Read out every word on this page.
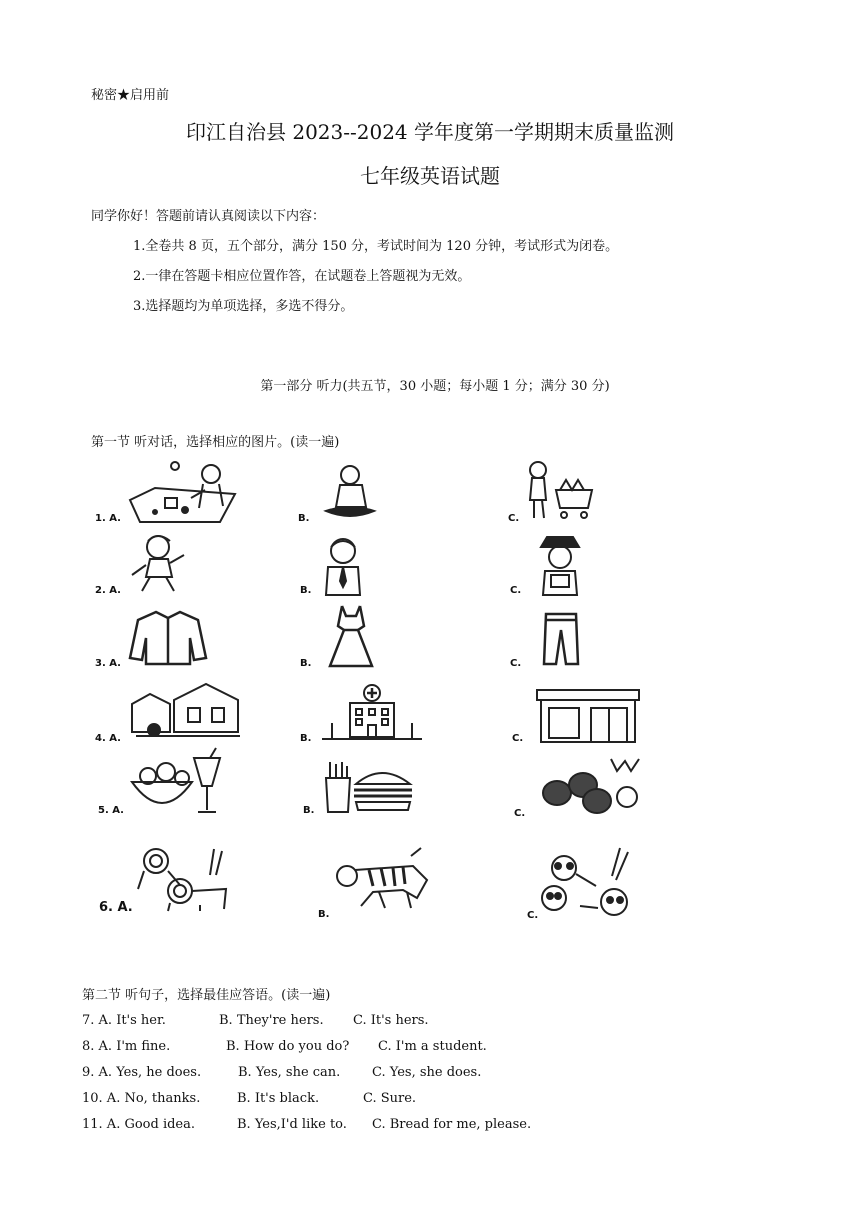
秘密★启用前
印江自治县 2023--2024 学年度第一学期期末质量监测
七年级英语试题
同学你好！答题前请认真阅读以下内容：
1.全卷共 8 页，五个部分，满分 150 分，考试时间为 120 分钟，考试形式为闭卷。
2.一律在答题卡相应位置作答，在试题卷上答题视为无效。
3.选择题均为单项选择，多选不得分。
第一部分 听力(共五节，30 小题；每小题 1 分；满分 30 分)
第一节 听对话，选择相应的图片。(读一遍)
1. A.	B.	C.
2. A.	B.	C.
3. A.	B.	C.
4. A.	B.	C.
5. A.	B.	C.
6. A.	B.	C.
第二节 听句子，选择最佳应答语。(读一遍)
7. A. It's her.	B. They're hers. C. It's hers.
8. A. I'm fine.	B. How do you do? C. I'm a student.
9. A. Yes, he does.	B. Yes, she can. C. Yes, she does.
10. A. No, thanks.	B. It's black.	C. Sure.
11. A. Good idea.	B. Yes,I'd like to. C. Bread for me, please.
